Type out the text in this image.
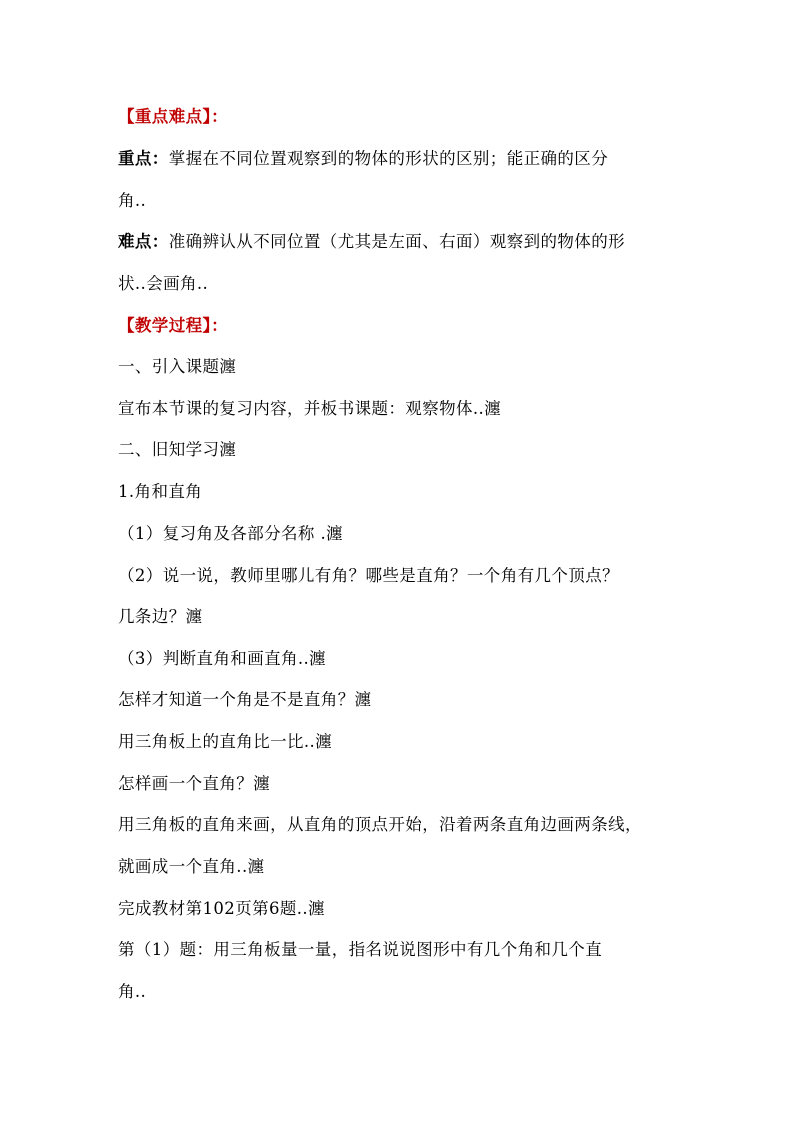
【重点难点】：
重点：掌握在不同位置观察到的物体的形状的区别；能正确的区分
角..
难点：准确辨认从不同位置（尤其是左面、右面）观察到的物体的形
状..会画角..
【教学过程】：
一、引入课题瀍
宣布本节课的复习内容，并板书课题：观察物体..瀍
二、旧知学习瀍
1.角和直角
（1）复习角及各部分名称 .瀍
（2）说一说，教师里哪儿有角？哪些是直角？一个角有几个顶点？
几条边？瀍
（3）判断直角和画直角..瀍
怎样才知道一个角是不是直角？瀍
用三角板上的直角比一比..瀍
怎样画一个直角？瀍
用三角板的直角来画，从直角的顶点开始，沿着两条直角边画两条线，
就画成一个直角..瀍
完成教材第102页第6题..瀍
第（1）题：用三角板量一量，指名说说图形中有几个角和几个直
角..
